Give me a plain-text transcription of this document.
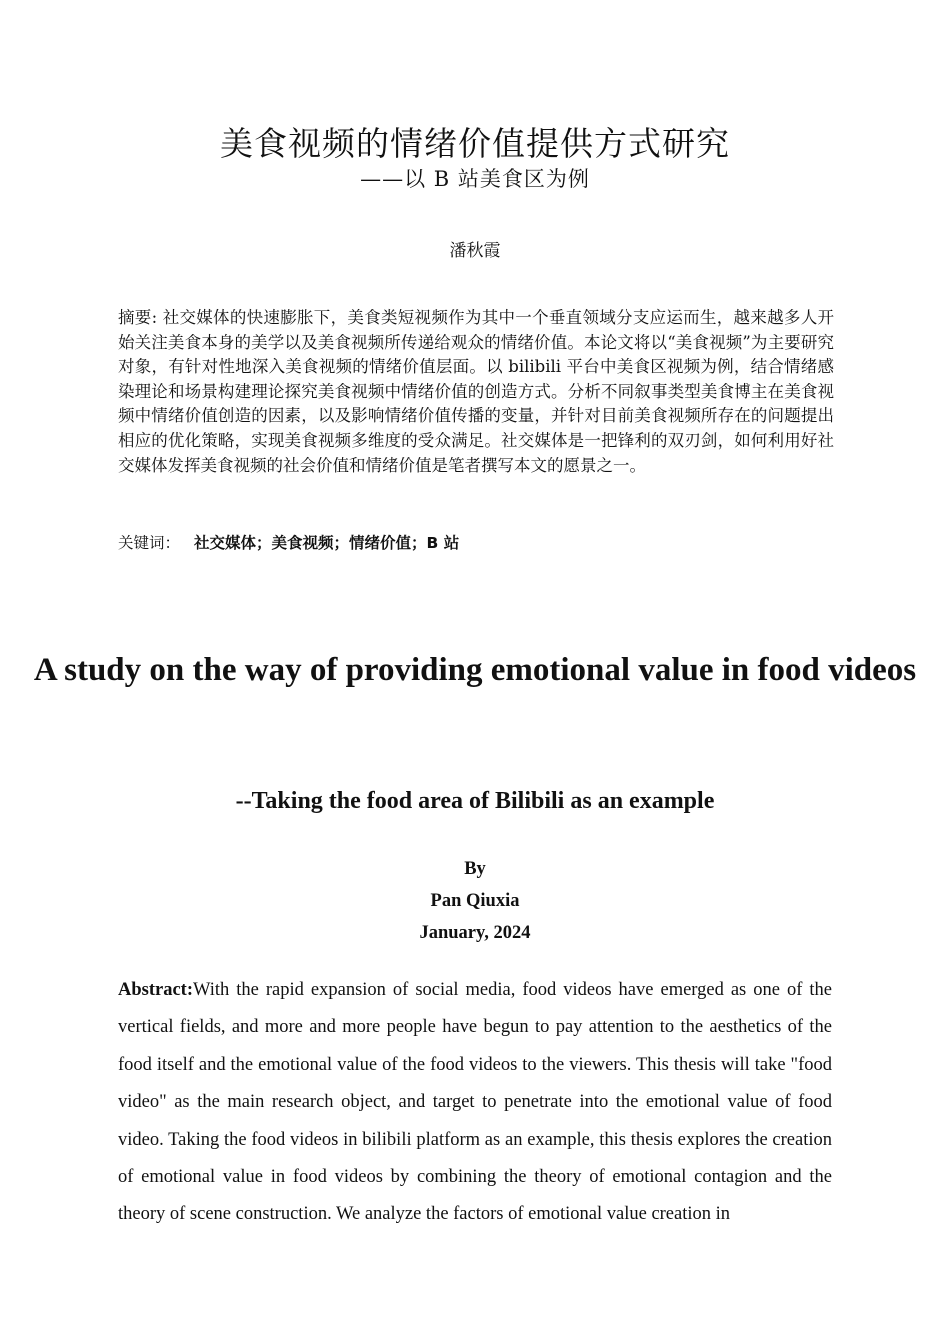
美食视频的情绪价值提供方式研究
——以 B 站美食区为例
潘秋霞
摘要: 社交媒体的快速膨胀下，美食类短视频作为其中一个垂直领域分支应运而生，越来越多人开始关注美食本身的美学以及美食视频所传递给观众的情绪价值。本论文将以“美食视频”为主要研究对象，有针对性地深入美食视频的情绪价值层面。以 bilibili 平台中美食区视频为例，结合情绪感染理论和场景构建理论探究美食视频中情绪价值的创造方式。分析不同叙事类型美食博主在美食视频中情绪价值创造的因素，以及影响情绪价值传播的变量，并针对目前美食视频所存在的问题提出相应的优化策略，实现美食视频多维度的受众满足。社交媒体是一把锋利的双刃剑，如何利用好社交媒体发挥美食视频的社会价值和情绪价值是笔者撰写本文的愿景之一。
关键词： 社交媒体；美食视频；情绪价值；B 站
A study on the way of providing emotional value in food videos
--Taking the food area of Bilibili as an example
By
Pan Qiuxia
January, 2024
Abstract:With the rapid expansion of social media, food videos have emerged as one of the vertical fields, and more and more people have begun to pay attention to the aesthetics of the food itself and the emotional value of the food videos to the viewers. This thesis will take "food video" as the main research object, and target to penetrate into the emotional value of food video. Taking the food videos in bilibili platform as an example, this thesis explores the creation of emotional value in food videos by combining the theory of emotional contagion and the theory of scene construction. We analyze the factors of emotional value creation in
